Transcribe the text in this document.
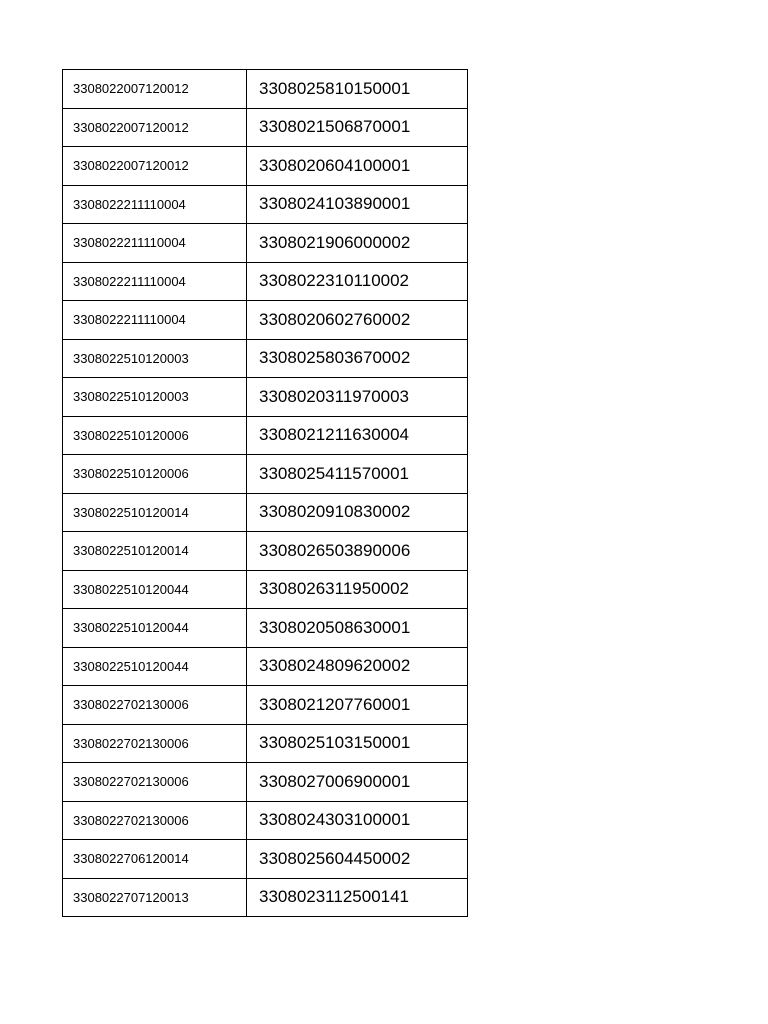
3308022007120012	3308025810150001
3308022007120012	3308021506870001
3308022007120012	3308020604100001
3308022211110004	3308024103890001
3308022211110004	3308021906000002
3308022211110004	3308022310110002
3308022211110004	3308020602760002
3308022510120003	3308025803670002
3308022510120003	3308020311970003
3308022510120006	3308021211630004
3308022510120006	3308025411570001
3308022510120014	3308020910830002
3308022510120014	3308026503890006
3308022510120044	3308026311950002
3308022510120044	3308020508630001
3308022510120044	3308024809620002
3308022702130006	3308021207760001
3308022702130006	3308025103150001
3308022702130006	3308027006900001
3308022702130006	3308024303100001
3308022706120014	3308025604450002
3308022707120013	3308023112500141
